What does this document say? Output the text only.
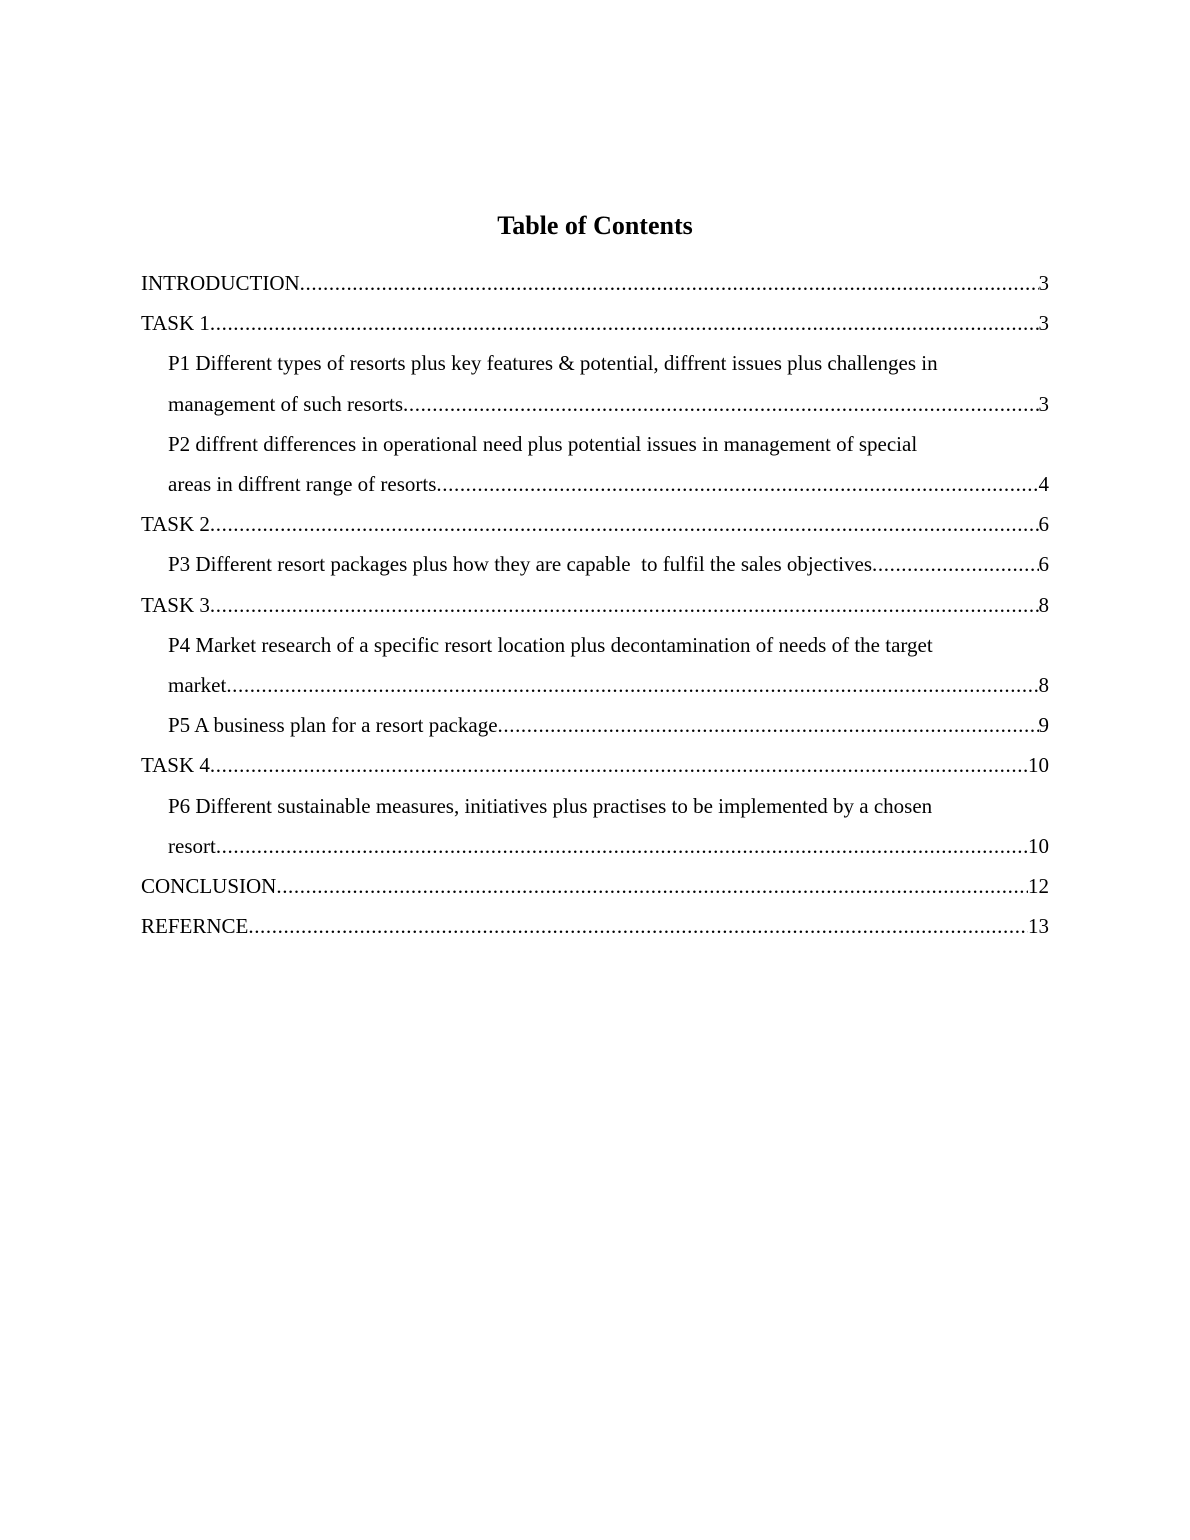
Table of Contents
INTRODUCTION .....	3
TASK 1 .....	3
P1 Different types of resorts plus key features & potential, diffrent issues plus challenges in
management of such resorts .....	3
P2 diffrent differences in operational need plus potential issues in management of special
areas in diffrent range of resorts .....	4
TASK 2 .....	6
P3 Different resort packages plus how they are capable  to fulfil the sales objectives .....	6
TASK 3 .....	8
P4 Market research of a specific resort location plus decontamination of needs of the target
market .....	8
P5 A business plan for a resort package .....	9
TASK 4 .....	10
P6 Different sustainable measures, initiatives plus practises to be implemented by a chosen
resort .....	10
CONCLUSION .....	12
REFERNCE .....	13
